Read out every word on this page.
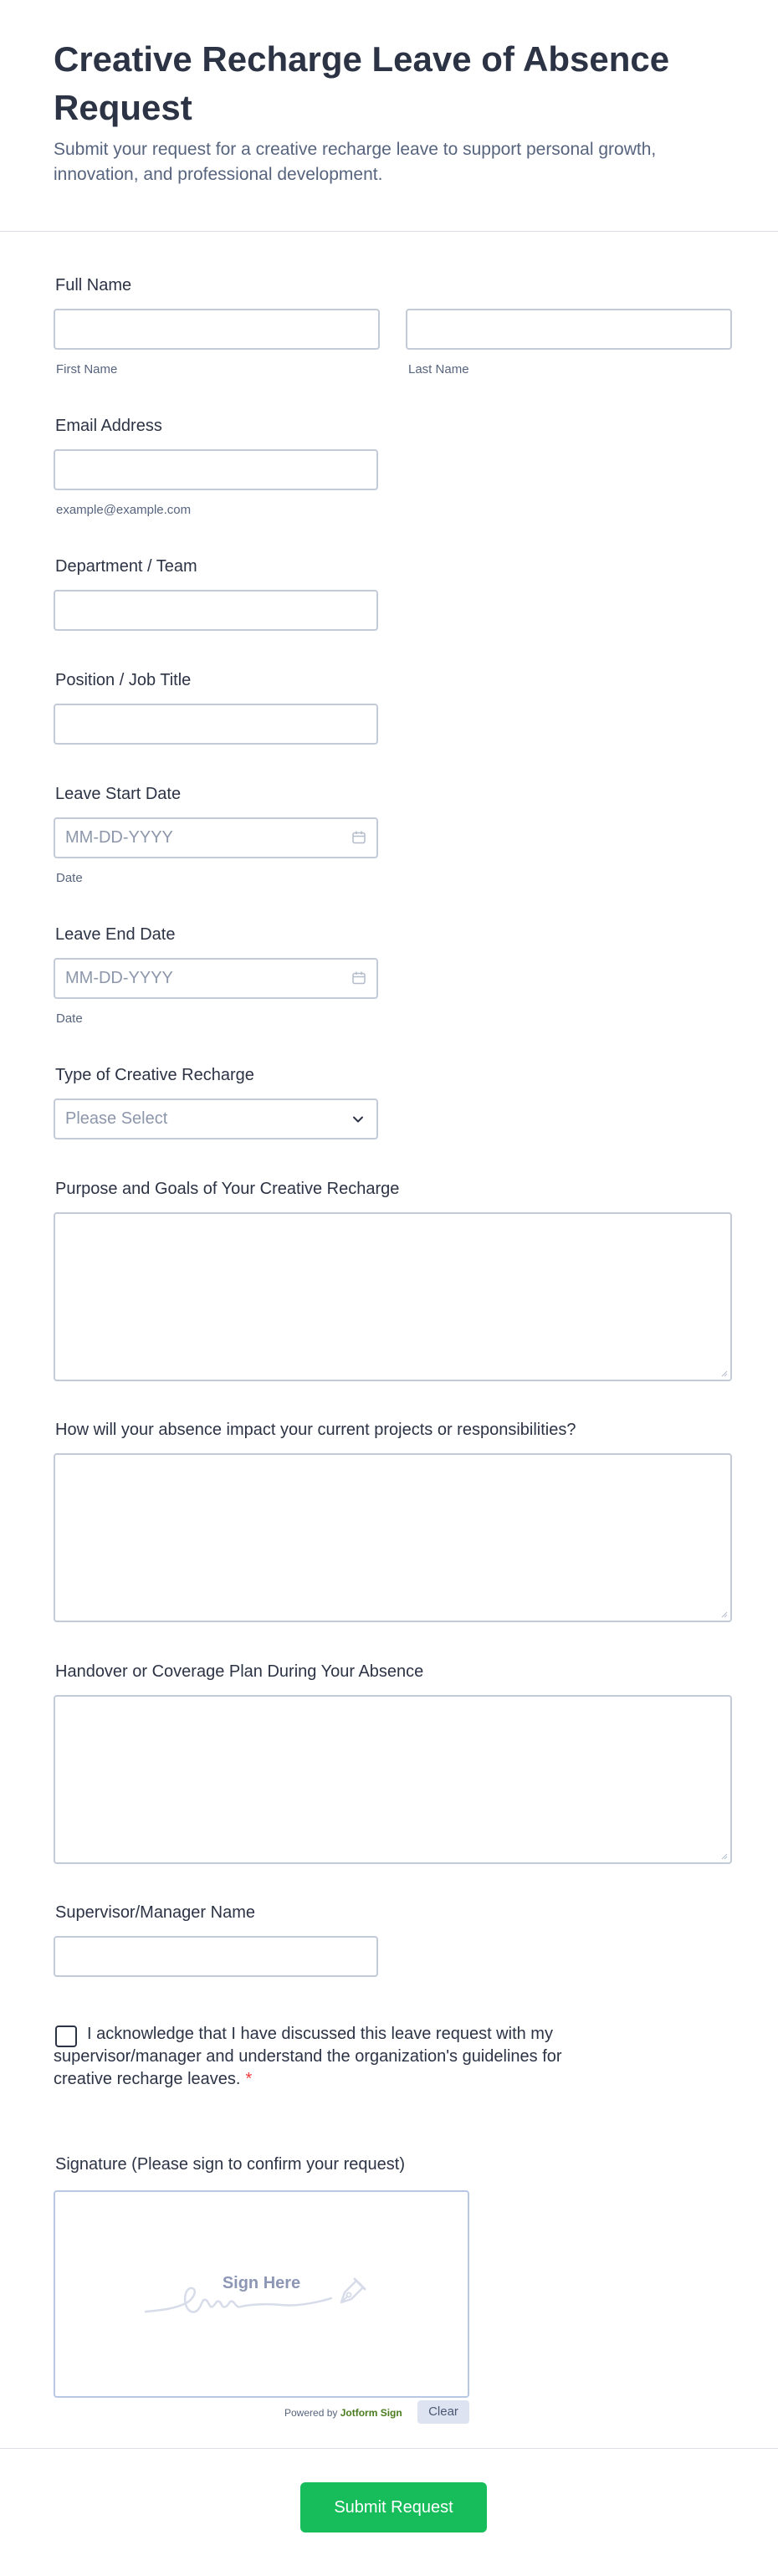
Creative Recharge Leave of Absence Request

Submit your request for a creative recharge leave to support personal growth, innovation, and professional development.

Full Name
First Name	Last Name
Email Address
example@example.com
Department / Team
Position / Job Title
Leave Start Date
MM-DD-YYYY
Date
Leave End Date
MM-DD-YYYY
Date
Type of Creative Recharge
Please Select
Purpose and Goals of Your Creative Recharge
How will your absence impact your current projects or responsibilities?
Handover or Coverage Plan During Your Absence
Supervisor/Manager Name

I acknowledge that I have discussed this leave request with my supervisor/manager and understand the organization's guidelines for creative recharge leaves. *

Signature (Please sign to confirm your request)
Sign Here
Powered by Jotform Sign	Clear
Submit Request
